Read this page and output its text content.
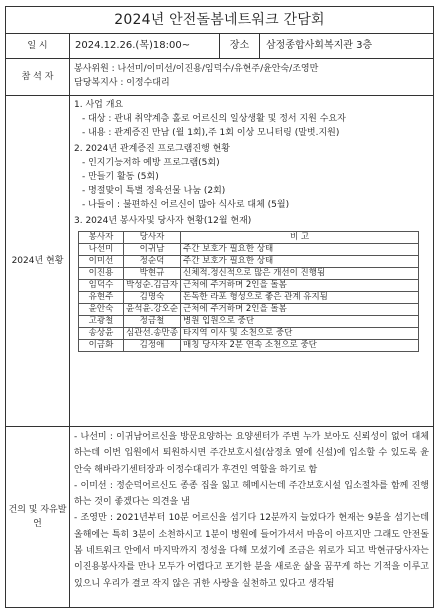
2024년 안전돌봄네트워크 간담회
일 시	2024.12.26.(목)18:00~	장소	삼정종합사회복지관 3층
참 석 자
봉사위원 : 나선미/이미선/이진용/임덕수/유현주/윤안숙/조영만
담당복지사 : 이정수대리
2024년 현황
1. 사업 개요
- 대상 : 관내 취약계층 홀로 어르신의 일상생활 및 정서 지원 수요자
- 내용 : 관계증진 만남 (월 1회),주 1회 이상 모니터링 (말벗.지원)
2. 2024년 관계증진 프로그램진행 현황
- 인지기능저하 예방 프로그램(5회)
- 만들기 활동 (5회)
- 명절맞이 특별 정육선물 나눔 (2회)
- 나들이 : 불편하신 어르신이 많아 식사로 대체 (5월)
3. 2024년 봉사자및 당사자 현황(12월 현재)
봉사자	당사자	비 고
나선미	이귀남	주간 보호가 필요한 상태
이미선	정순덕	주간 보호가 필요한 상태
이진용	박현규	신체적.정신적으로 많은 개선이 진행됨
임덕수	박성순.김금자	근처에 주거하며 2인을 돌봄
유현주	김명숙	돈독한 라포 형성으로 좋은 관계 유지됨
윤안숙	윤석윤.강오순	근처에 주거하며 2인을 돌봄
고광철	정금철	병원 입원으로 중단
송상윤	심관선.송만종	타지역 이사 및 소천으로 중단
이금화	김정애	매칭 당사자 2분 연속 소천으로 중단
건의 및 자유발언
- 나선미 : 이귀남어르신을 방문요양하는 요양센터가 주변 누가 보아도 신뢰성이 없어 대체하는데 이번 입원에서 퇴원하시면 주간보호시설(삼정초 옆에 신설)에 입소할 수 있도록 윤안숙 해바라기센터장과 이정수대리가 후견인 역할을 하기로 함
- 이미선 : 정순덕어르신도 종종 집을 잃고 헤메시는데 주간보호시설 입소절차를 함께 진행하는 것이 좋겠다는 의견을 냄
- 조영만 : 2021년부터 10분 어르신을 섬기다 12분까지 늘었다가 현재는 9분을 섬기는데 올해에는 특히 3분이 소천하시고 1분이 병원에 들어가셔서 마음이 아프지만 그래도 안전돌봄 네트워크 안에서 마지막까지 정성을 다해 모셨기에 조금은 위로가 되고 박현규당사자는 이진용봉사자를 만나 모두가 어렵다고 포기한 분을 새로운 삶을 꿈꾸게 하는 기적을 이루고 있으니 우리가 결코 작지 않은 귀한 사랑을 실천하고 있다고 생각됨
